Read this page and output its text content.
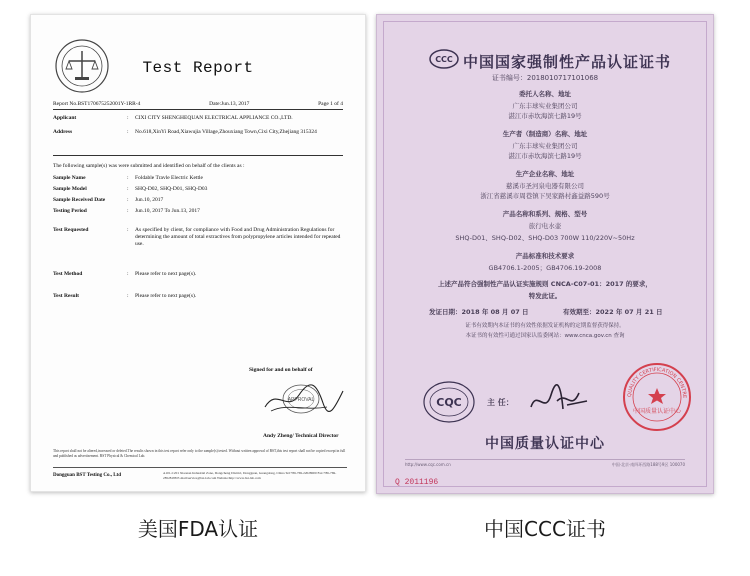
Test Report
Report No.BST170675252001Y-1RR-4	Date:Jun.13, 2017	Page 1 of 4
Applicant	:	CIXI CITY SHENGHEQUAN ELECTRICAL APPLIANCE CO.,LTD.
Address	:	No.618,XinYi Road,Xiawujia Village,Zhouxiang Town,Cixi City,Zhejiang 315324
The following sample(s) was were submitted and identified on behalf of the clients as :
Sample Name	:	Foldable Travle Electric Kettle
Sample Model	:	SHQ-D02, SHQ-D01, SHQ-D03
Sample Received Date	:	Jun.10, 2017
Testing Period	:	Jun.10, 2017 To Jun.13, 2017
Test Requested	:	As specified by client, for compliance with Food and Drug Administration Regulations for determining the amount of total extractives from polypropylene articles intended for repeated use.
Test Method	:	Please refer to next page(s).
Test Result	:	Please refer to next page(s).
Signed for and on behalf of
APPROVAL
Andy Zheng/ Technical Director
This report shall not be altered,increased or deleted.The results shown in this test report refer only to the sample(s) tested. Without written approval of BST,this test report shall not be copied except in full and published as advertisement. BST Physical & Chemical Lab.
Dongguan BST Testing Co., Ltd
A101-C201 Xiaonan Industrial Zone, Dongcheng District, Dongguan, Guangdong, China Tel:+86-769-22028000 Fax:+86-769-28528188 E-mail:service@bst-lab.com Website:http://www.bst-lab.com
美国FDA认证
CCC 中国国家强制性产品认证证书
证书编号：2018010717101068
委托人名称、地址
广东丰球实业集团公司
湛江市赤坎海滨七路19号
生产者（制造商）名称、地址
广东丰球实业集团公司
湛江市赤坎海滨七路19号
生产企业名称、地址
慈溪市圣河泉电器有限公司
浙江省慈溪市周巷镇下吴家路村鑫益路590号
产品名称和系列、规格、型号
旅行电水壶
SHQ-D01、SHQ-D02、SHQ-D03 700W 110/220V~50Hz
产品标准和技术要求
GB4706.1-2005；GB4706.19-2008
上述产品符合强制性产品认证实施规则 CNCA-C07-01：2017 的要求，
特发此证。
发证日期：2018 年 08 月 07 日	有效期至：2022 年 07 月 21 日
证书有效期内本证书的有效性依据发证机构的定期监督获得保持。
本证书的有效性可通过国家认监委网站：www.cnca.gov.cn 查询
CQC	主 任：
QUALITY CERTIFICATION CENTRE
中国质量认证中心
中国质量认证中心
http://www.cqc.com.cn	中国·北京·南四环西路188号9区 100070
Q 2011196
中国CCC证书
